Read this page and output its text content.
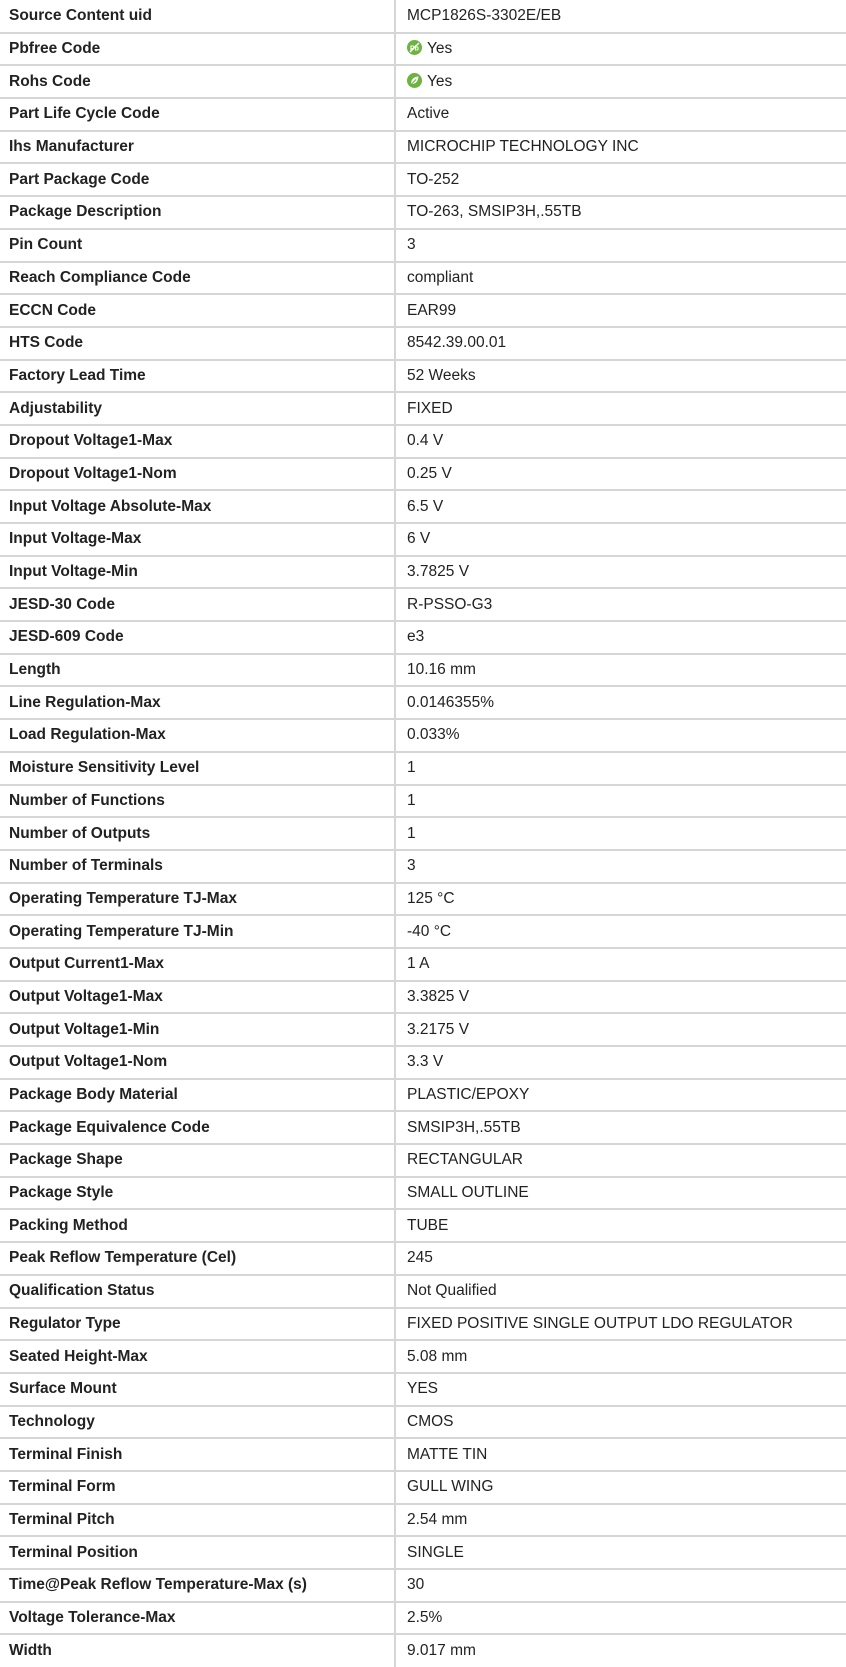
Source Content uid	MCP1826S-3302E/EB
Pbfree Code	Pb Yes
Rohs Code	Yes
Part Life Cycle Code	Active
Ihs Manufacturer	MICROCHIP TECHNOLOGY INC
Part Package Code	TO-252
Package Description	TO-263, SMSIP3H,.55TB
Pin Count	3
Reach Compliance Code	compliant
ECCN Code	EAR99
HTS Code	8542.39.00.01
Factory Lead Time	52 Weeks
Adjustability	FIXED
Dropout Voltage1-Max	0.4 V
Dropout Voltage1-Nom	0.25 V
Input Voltage Absolute-Max	6.5 V
Input Voltage-Max	6 V
Input Voltage-Min	3.7825 V
JESD-30 Code	R-PSSO-G3
JESD-609 Code	e3
Length	10.16 mm
Line Regulation-Max	0.0146355%
Load Regulation-Max	0.033%
Moisture Sensitivity Level	1
Number of Functions	1
Number of Outputs	1
Number of Terminals	3
Operating Temperature TJ-Max	125 °C
Operating Temperature TJ-Min	-40 °C
Output Current1-Max	1 A
Output Voltage1-Max	3.3825 V
Output Voltage1-Min	3.2175 V
Output Voltage1-Nom	3.3 V
Package Body Material	PLASTIC/EPOXY
Package Equivalence Code	SMSIP3H,.55TB
Package Shape	RECTANGULAR
Package Style	SMALL OUTLINE
Packing Method	TUBE
Peak Reflow Temperature (Cel)	245
Qualification Status	Not Qualified
Regulator Type	FIXED POSITIVE SINGLE OUTPUT LDO REGULATOR
Seated Height-Max	5.08 mm
Surface Mount	YES
Technology	CMOS
Terminal Finish	MATTE TIN
Terminal Form	GULL WING
Terminal Pitch	2.54 mm
Terminal Position	SINGLE
Time@Peak Reflow Temperature-Max (s)	30
Voltage Tolerance-Max	2.5%
Width	9.017 mm
